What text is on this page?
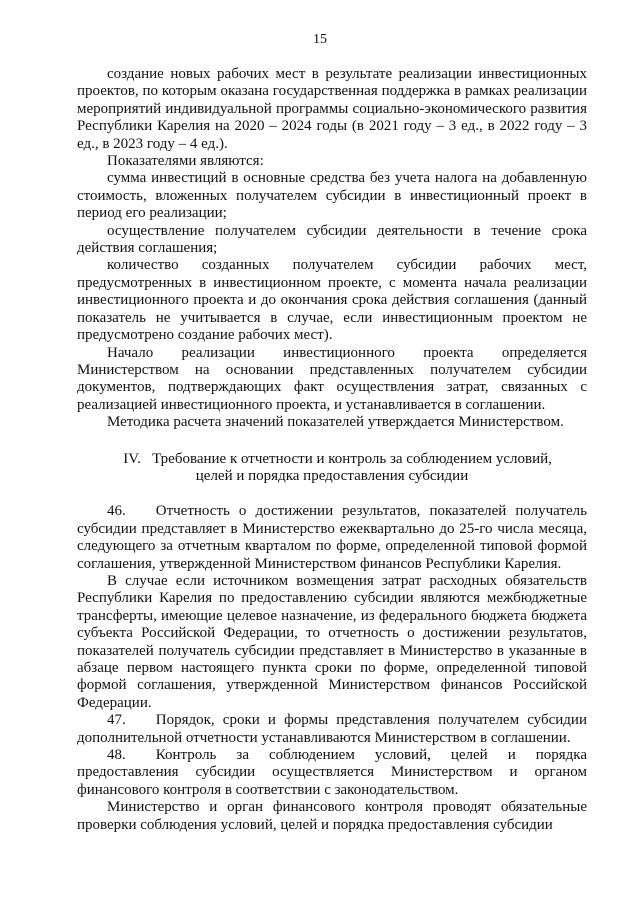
15

создание новых рабочих мест в результате реализации инвестиционных проектов, по которым оказана государственная поддержка в рамках реализации мероприятий индивидуальной программы социально-экономического развития Республики Карелия на 2020 – 2024 годы (в 2021 году – 3 ед., в 2022 году – 3 ед., в 2023 году – 4 ед.).

Показателями являются:

сумма инвестиций в основные средства без учета налога на добавленную стоимость, вложенных получателем субсидии в инвестиционный проект в период его реализации;

осуществление получателем субсидии деятельности в течение срока действия соглашения;

количество созданных получателем субсидии рабочих мест, предусмотренных в инвестиционном проекте, с момента начала реализации инвестиционного проекта и до окончания срока действия соглашения (данный показатель не учитывается в случае, если инвестиционным проектом не предусмотрено создание рабочих мест).

Начало реализации инвестиционного проекта определяется Министерством на основании представленных получателем субсидии документов, подтверждающих факт осуществления затрат, связанных с реализацией инвестиционного проекта, и устанавливается в соглашении.

Методика расчета значений показателей утверждается Министерством.

IV. Требование к отчетности и контроль за соблюдением условий,
целей и порядка предоставления субсидии

46.  Отчетность о достижении результатов, показателей получатель субсидии представляет в Министерство ежеквартально до 25-го числа месяца, следующего за отчетным кварталом по форме, определенной типовой формой соглашения, утвержденной Министерством финансов Республики Карелия.

В случае если источником возмещения затрат расходных обязательств Республики Карелия по предоставлению субсидии являются межбюджетные трансферты, имеющие целевое назначение, из федерального бюджета бюджета субъекта Российской Федерации, то отчетность о достижении результатов, показателей получатель субсидии представляет в Министерство в указанные в абзаце первом настоящего пункта сроки по форме, определенной типовой формой соглашения, утвержденной Министерством финансов Российской Федерации.

47.  Порядок, сроки и формы представления получателем субсидии дополнительной отчетности устанавливаются Министерством в соглашении.

48.  Контроль за соблюдением условий, целей и порядка предоставления субсидии осуществляется Министерством и органом финансового контроля в соответствии с законодательством.

Министерство и орган финансового контроля проводят обязательные проверки соблюдения условий, целей и порядка предоставления субсидии
